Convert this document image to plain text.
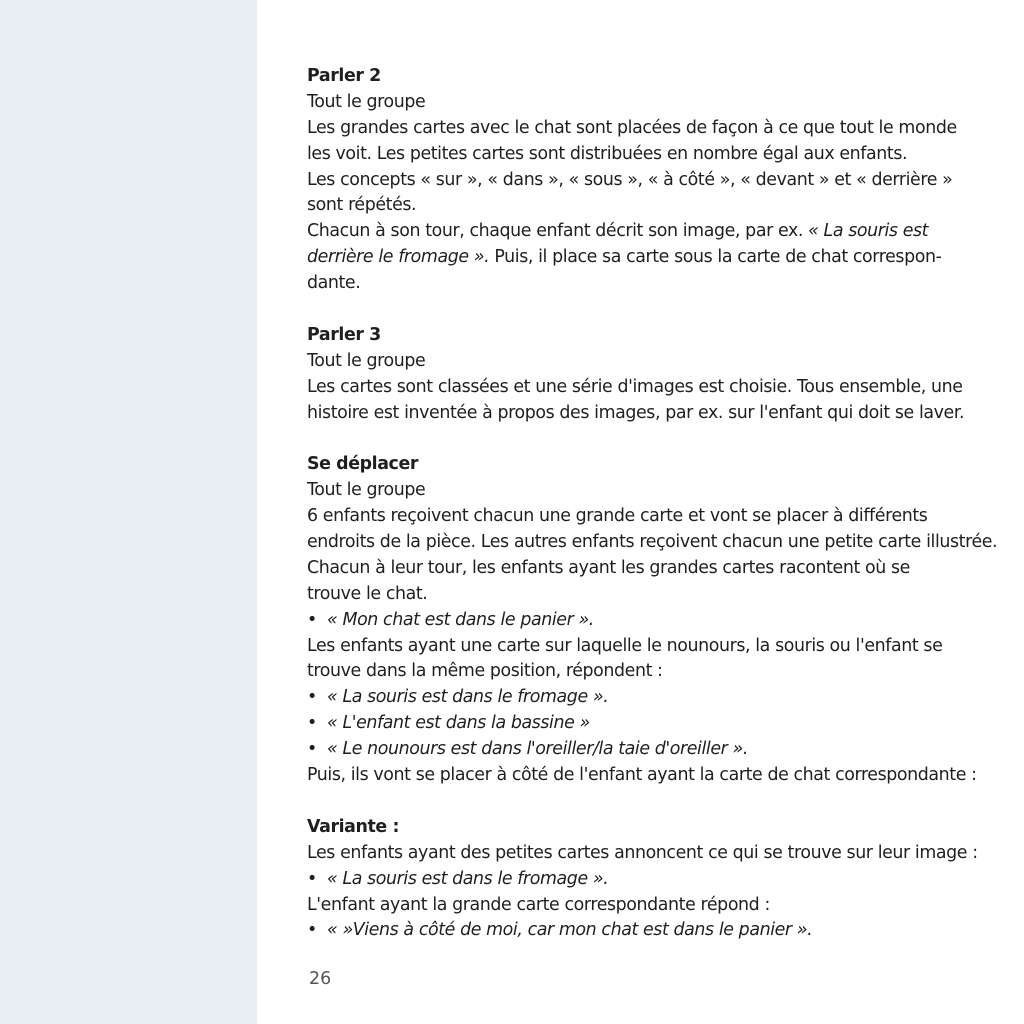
Parler 2
Tout le groupe
Les grandes cartes avec le chat sont placées de façon à ce que tout le monde
les voit. Les petites cartes sont distribuées en nombre égal aux enfants.
Les concepts « sur », « dans », « sous », « à côté », « devant » et « derrière »
sont répétés.
Chacun à son tour, chaque enfant décrit son image, par ex. « La souris est
derrière le fromage ». Puis, il place sa carte sous la carte de chat correspon-
dante.
Parler 3
Tout le groupe
Les cartes sont classées et une série d'images est choisie. Tous ensemble, une
histoire est inventée à propos des images, par ex. sur l'enfant qui doit se laver.
Se déplacer
Tout le groupe
6 enfants reçoivent chacun une grande carte et vont se placer à différents
endroits de la pièce. Les autres enfants reçoivent chacun une petite carte illustrée.
Chacun à leur tour, les enfants ayant les grandes cartes racontent où se
trouve le chat.
• « Mon chat est dans le panier ».
Les enfants ayant une carte sur laquelle le nounours, la souris ou l'enfant se
trouve dans la même position, répondent :
• « La souris est dans le fromage ».
• « L'enfant est dans la bassine »
• « Le nounours est dans l'oreiller/la taie d'oreiller ».
Puis, ils vont se placer à côté de l'enfant ayant la carte de chat correspondante :
Variante :
Les enfants ayant des petites cartes annoncent ce qui se trouve sur leur image :
• « La souris est dans le fromage ».
L'enfant ayant la grande carte correspondante répond :
• « »Viens à côté de moi, car mon chat est dans le panier ».
26
